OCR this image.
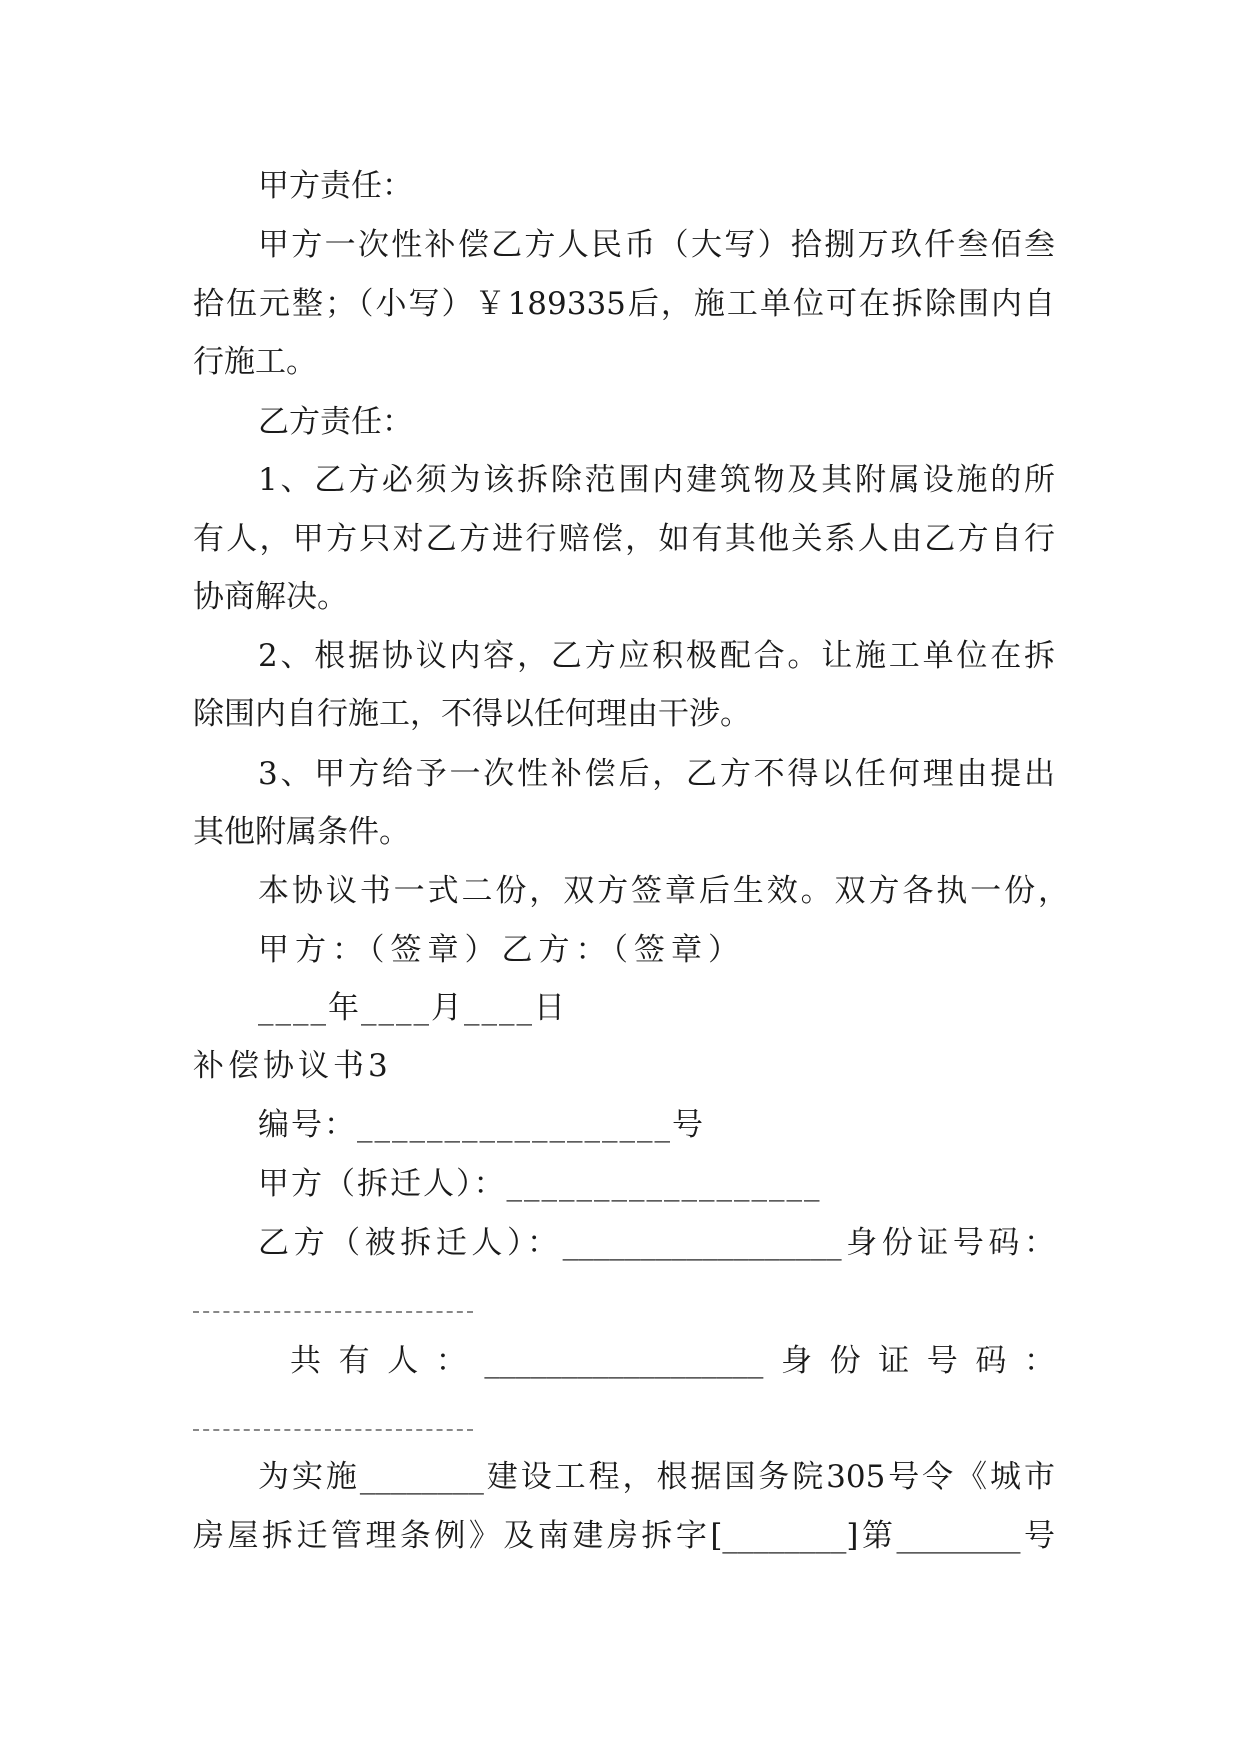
甲方责任：
甲方一次性补偿乙方人民币（大写）拾捌万玖仟叁佰叁
拾伍元整；（小写）￥189335后，施工单位可在拆除围内自
行施工。
乙方责任：
1、乙方必须为该拆除范围内建筑物及其附属设施的所
有人，甲方只对乙方进行赔偿，如有其他关系人由乙方自行
协商解决。
2、根据协议内容，乙方应积极配合。让施工单位在拆
除围内自行施工，不得以任何理由干涉。
3、甲方给予一次性补偿后，乙方不得以任何理由提出
其他附属条件。
本协议书一式二份，双方签章后生效。双方各执一份，
甲方：（签章）乙方：（签章）
____年____月____日
补偿协议书3
编号：__________________号
甲方（拆迁人）：__________________
乙方（被拆迁人）：__________________身份证号码：
共有人：__________________身份证号码：
为实施________建设工程，根据国务院305号令《城市
房屋拆迁管理条例》及南建房拆字[________]第________号
